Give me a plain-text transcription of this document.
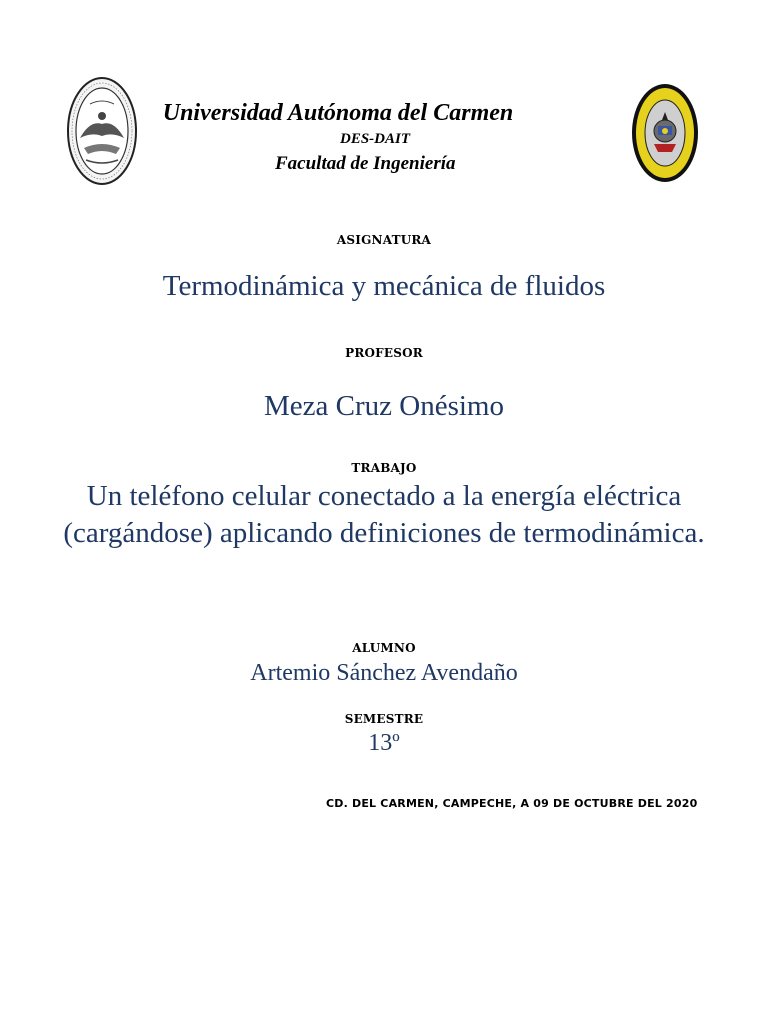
Universidad Autónoma del Carmen
DES-DAIT
Facultad de Ingeniería
ASIGNATURA
Termodinámica y mecánica de fluidos
PROFESOR
Meza Cruz Onésimo
TRABAJO
Un teléfono celular conectado a la energía eléctrica (cargándose) aplicando definiciones de termodinámica.
ALUMNO
Artemio Sánchez Avendaño
SEMESTRE
13º
CD. DEL CARMEN, CAMPECHE, A 09 DE OCTUBRE DEL 2020
